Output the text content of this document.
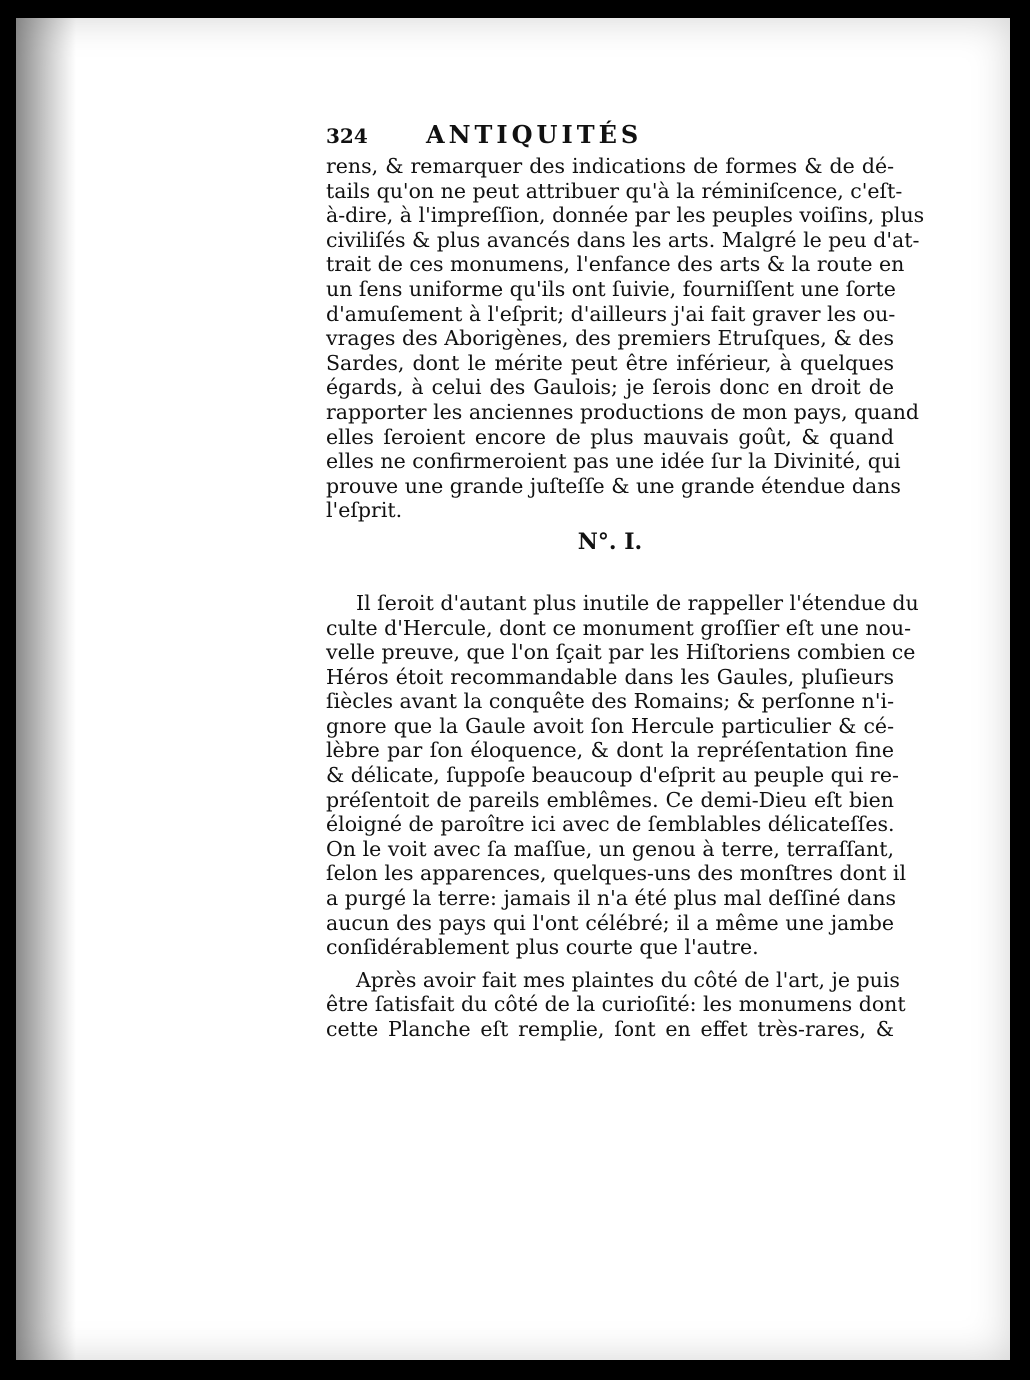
324	ANTIQUITÉS
rens, & remarquer des indications de formes & de dé-
tails qu'on ne peut attribuer qu'à la réminiſcence, c'eſt-
à-dire, à l'impreſſion, donnée par les peuples voiſins, plus
civiliſés & plus avancés dans les arts. Malgré le peu d'at-
trait de ces monumens, l'enfance des arts & la route en
un ſens uniforme qu'ils ont ſuivie, fourniſſent une ſorte
d'amuſement à l'eſprit; d'ailleurs j'ai fait graver les ou-
vrages des Aborigènes, des premiers Etruſques, & des
Sardes, dont le mérite peut être inférieur, à quelques
égards, à celui des Gaulois; je ſerois donc en droit de
rapporter les anciennes productions de mon pays, quand
elles ſeroient encore de plus mauvais goût, & quand
elles ne confirmeroient pas une idée ſur la Divinité, qui
prouve une grande juſteſſe & une grande étendue dans
l'eſprit.
N°. I.
Il ſeroit d'autant plus inutile de rappeller l'étendue du
culte d'Hercule, dont ce monument groſſier eſt une nou-
velle preuve, que l'on ſçait par les Hiſtoriens combien ce
Héros étoit recommandable dans les Gaules, pluſieurs
ſiècles avant la conquête des Romains; & perſonne n'i-
gnore que la Gaule avoit ſon Hercule particulier & cé-
lèbre par ſon éloquence, & dont la repréſentation fine
& délicate, ſuppoſe beaucoup d'eſprit au peuple qui re-
préſentoit de pareils emblêmes. Ce demi-Dieu eſt bien
éloigné de paroître ici avec de ſemblables délicateſſes.
On le voit avec ſa maſſue, un genou à terre, terraſſant,
ſelon les apparences, quelques-uns des monſtres dont il
a purgé la terre: jamais il n'a été plus mal deſſiné dans
aucun des pays qui l'ont célébré; il a même une jambe
conſidérablement plus courte que l'autre.
Après avoir fait mes plaintes du côté de l'art, je puis
être ſatisfait du côté de la curioſité: les monumens dont
cette Planche eſt remplie, ſont en effet très-rares, &
